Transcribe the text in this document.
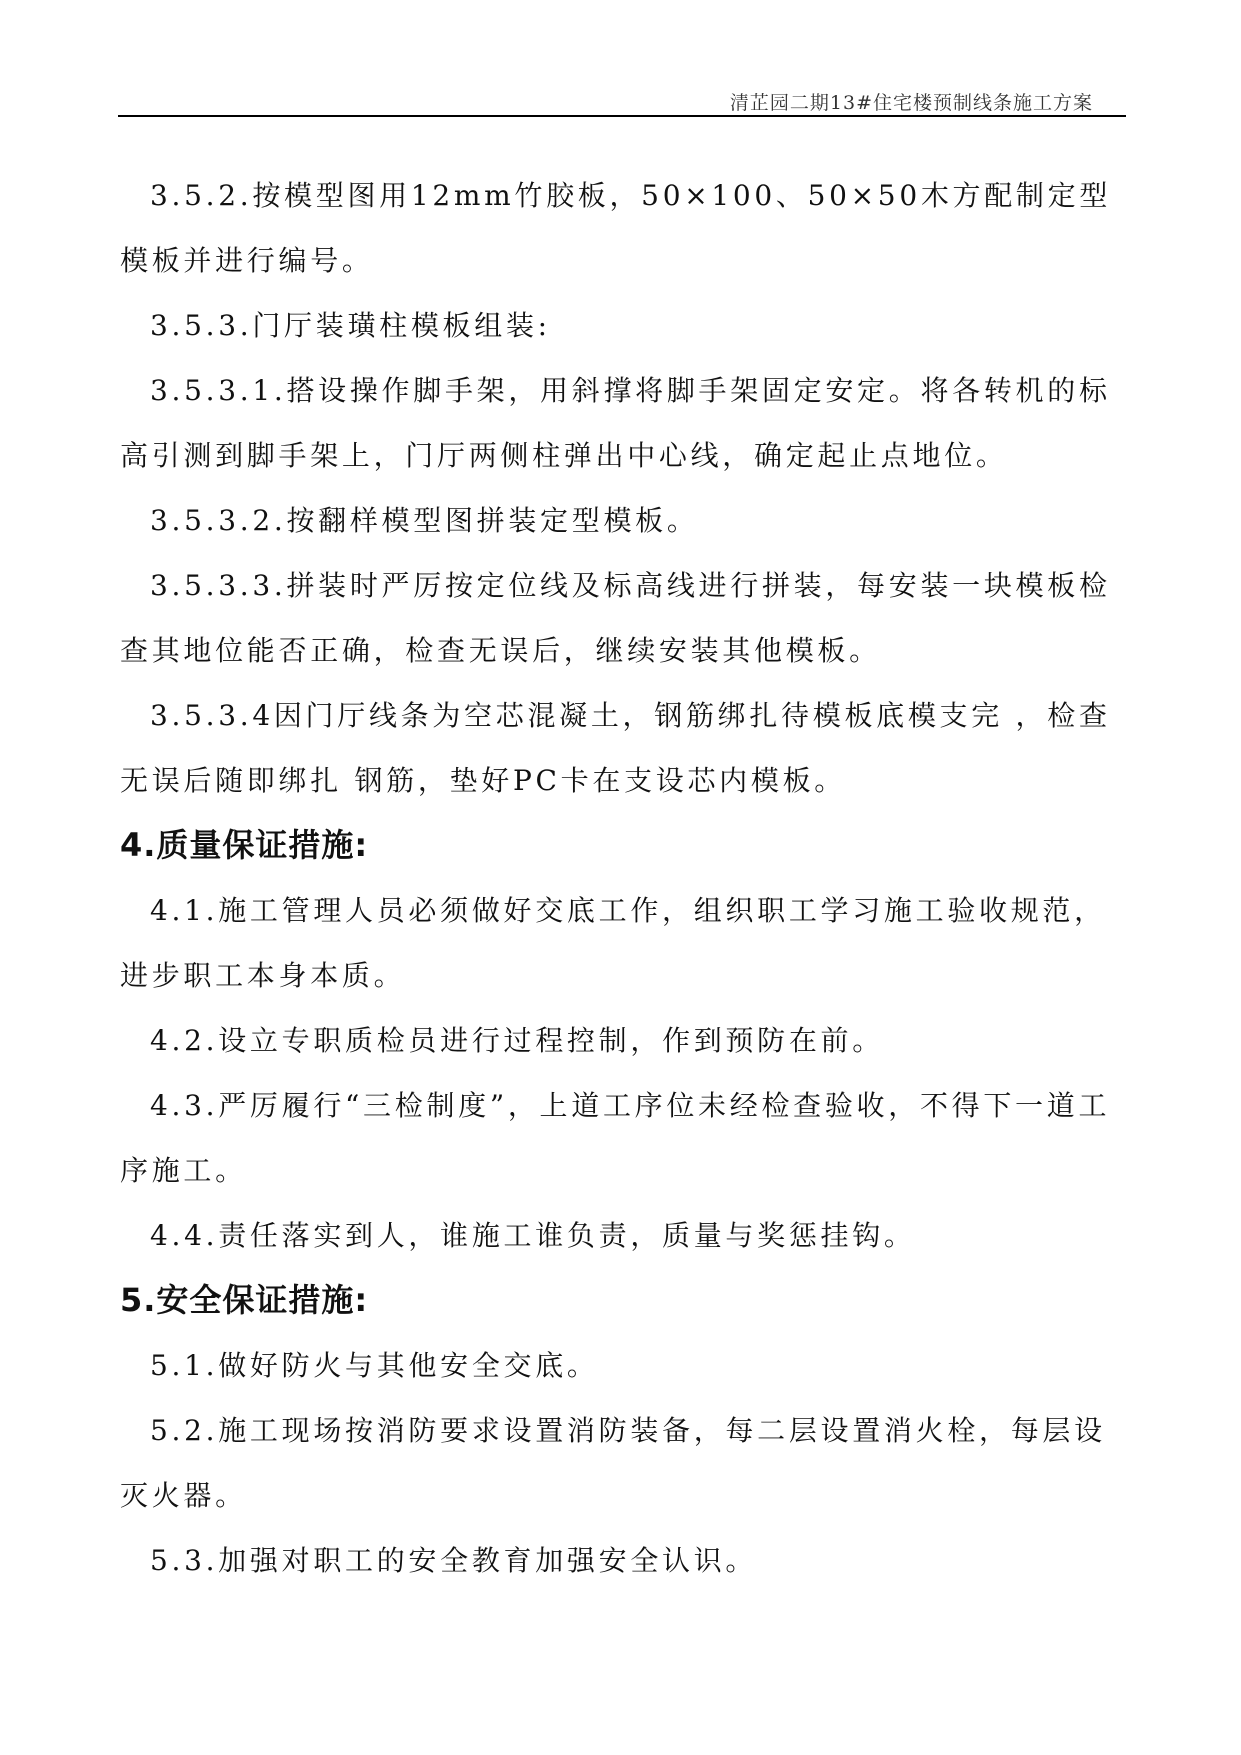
清芷园二期13#住宅楼预制线条施工方案

3.5.2.按模型图用12mm竹胶板，50×100、50×50木方配制定型模板并进行编号。

3.5.3.门厅装璜柱模板组装:

3.5.3.1.搭设操作脚手架，用斜撑将脚手架固定安定。将各转机的标高引测到脚手架上，门厅两侧柱弹出中心线，确定起止点地位。

3.5.3.2.按翻样模型图拼装定型模板。

3.5.3.3.拼装时严厉按定位线及标高线进行拼装，每安装一块模板检查其地位能否正确，检查无误后，继续安装其他模板。

3.5.3.4因门厅线条为空芯混凝土，钢筋绑扎待模板底模支完 ，检查无误后随即绑扎 钢筋，垫好PC卡在支设芯内模板。

4.质量保证措施:

4.1.施工管理人员必须做好交底工作，组织职工学习施工验收规范，进步职工本身本质。

4.2.设立专职质检员进行过程控制，作到预防在前。

4.3.严厉履行“三检制度”，上道工序位未经检查验收，不得下一道工序施工。

4.4.责任落实到人，谁施工谁负责，质量与奖惩挂钩。

5.安全保证措施:

5.1.做好防火与其他安全交底。

5.2.施工现场按消防要求设置消防装备，每二层设置消火栓，每层设灭火器。

5.3.加强对职工的安全教育加强安全认识。
